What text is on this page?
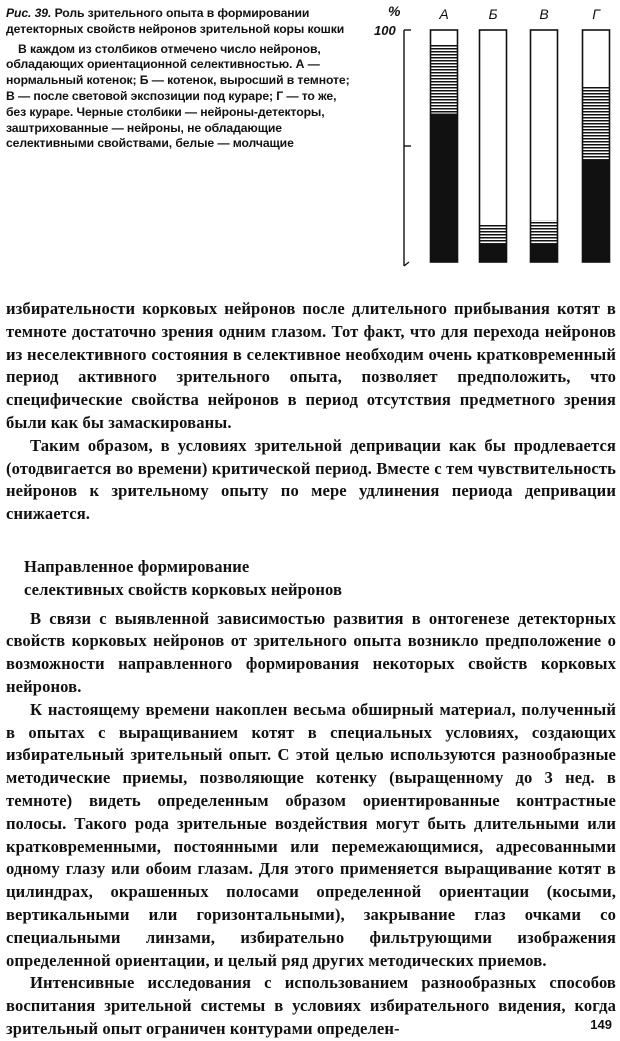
Рис. 39. Роль зрительного опыта в формировании детекторных свойств нейронов зрительной коры кошки

В каждом из столбиков отмечено число нейронов, обладающих ориентационной селективностью. А — нормальный котенок; Б — котенок, выросший в темноте; В — после световой экспозиции под кураре; Г — то же, без кураре. Черные столбики — нейроны-детекторы, заштрихованные — нейроны, не обладающие селективными свойствами, белые — молчащие

%
100
А	Б	В	Г

избирательности корковых нейронов после длительного прибывания котят в темноте достаточно зрения одним глазом. Тот факт, что для перехода нейронов из неселективного состояния в селективное необходим очень кратковременный период активного зрительного опыта, позволяет предположить, что специфические свойства нейронов в период отсутствия предметного зрения были как бы замаскированы.

Таким образом, в условиях зрительной депривации как бы продлевается (отодвигается во времени) критической период. Вместе с тем чувствительность нейронов к зрительному опыту по мере удлинения периода депривации снижается.

Направленное формирование
селективных свойств корковых нейронов

В связи с выявленной зависимостью развития в онтогенезе детекторных свойств корковых нейронов от зрительного опыта возникло предположение о возможности направленного формирования некоторых свойств корковых нейронов.

К настоящему времени накоплен весьма обширный материал, полученный в опытах с выращиванием котят в специальных условиях, создающих избирательный зрительный опыт. С этой целью используются разнообразные методические приемы, позволяющие котенку (выращенному до 3 нед. в темноте) видеть определенным образом ориентированные контрастные полосы. Такого рода зрительные воздействия могут быть длительными или кратковременными, постоянными или перемежающимися, адресованными одному глазу или обоим глазам. Для этого применяется выращивание котят в цилиндрах, окрашенных полосами определенной ориентации (косыми, вертикальными или горизонтальными), закрывание глаз очками со специальными линзами, избирательно фильтрующими изображения определенной ориентации, и целый ряд других методических приемов.

Интенсивные исследования с использованием разнообразных способов воспитания зрительной системы в условиях избирательного видения, когда зрительный опыт ограничен контурами определен-	149
